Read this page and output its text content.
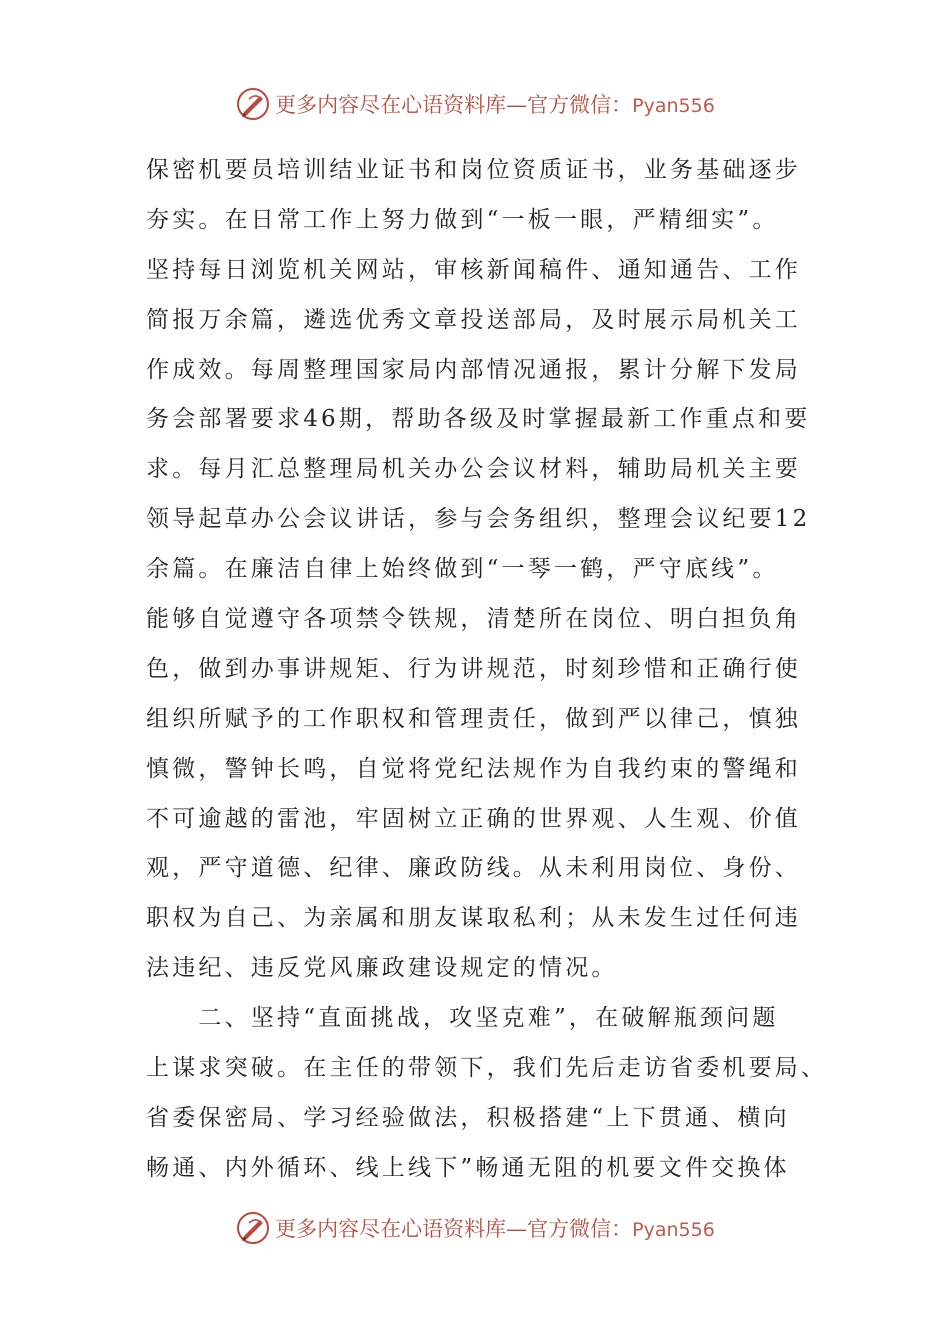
更多内容尽在心语资料库—官方微信：Pyan556
保密机要员培训结业证书和岗位资质证书，业务基础逐步
夯实。在日常工作上努力做到“一板一眼，严精细实”。
坚持每日浏览机关网站，审核新闻稿件、通知通告、工作
简报万余篇，遴选优秀文章投送部局，及时展示局机关工
作成效。每周整理国家局内部情况通报，累计分解下发局
务会部署要求46期，帮助各级及时掌握最新工作重点和要
求。每月汇总整理局机关办公会议材料，辅助局机关主要
领导起草办公会议讲话，参与会务组织，整理会议纪要12
余篇。在廉洁自律上始终做到“一琴一鹤，严守底线”。
能够自觉遵守各项禁令铁规，清楚所在岗位、明白担负角
色，做到办事讲规矩、行为讲规范，时刻珍惜和正确行使
组织所赋予的工作职权和管理责任，做到严以律己，慎独
慎微，警钟长鸣，自觉将党纪法规作为自我约束的警绳和
不可逾越的雷池，牢固树立正确的世界观、人生观、价值
观，严守道德、纪律、廉政防线。从未利用岗位、身份、
职权为自己、为亲属和朋友谋取私利；从未发生过任何违
法违纪、违反党风廉政建设规定的情况。
　　二、坚持“直面挑战，攻坚克难”，在破解瓶颈问题
上谋求突破。在主任的带领下，我们先后走访省委机要局、
省委保密局、学习经验做法，积极搭建“上下贯通、横向
畅通、内外循环、线上线下”畅通无阻的机要文件交换体
更多内容尽在心语资料库—官方微信：Pyan556
